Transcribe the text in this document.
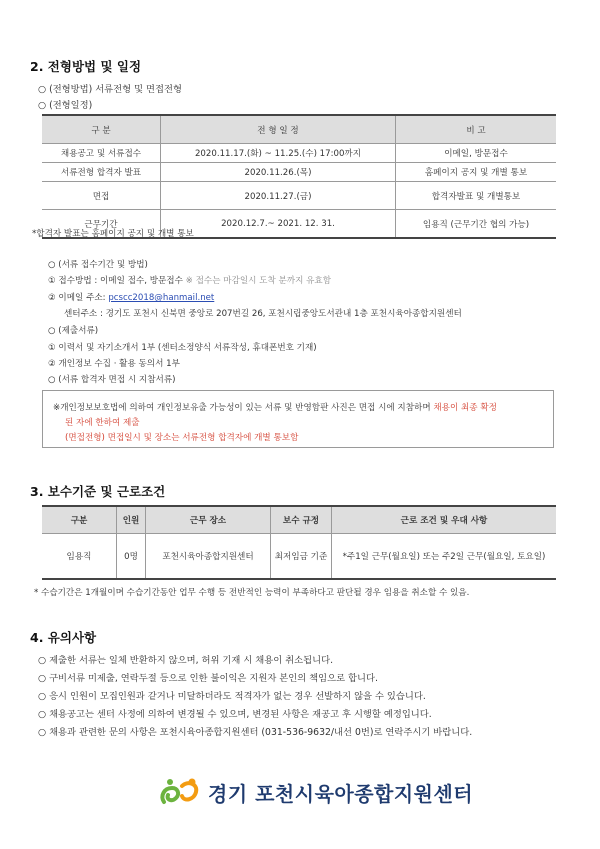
2. 전형방법 및 일정
○ (전형방법) 서류전형 및 면접전형
○ (전형일정)
구 분	전 형 일 정	비 고
채용공고 및 서류접수	2020.11.17.(화) ~ 11.25.(수) 17:00까지	이메일, 방문접수
서류전형 합격자 발표	2020.11.26.(목)	홈페이지 공지 및 개별 통보
면접	2020.11.27.(금)	합격자발표 및 개별통보
근무기간	2020.12.7.~ 2021. 12. 31.	임용직 (근무기간 협의 가능)
*합격자 발표는 홈페이지 공지 및 개별 통보
○ (서류 접수기간 및 방법)
① 접수방법 : 이메일 접수, 방문접수 ※ 접수는 마감일시 도착 분까지 유효함
② 이메일 주소: pcscc2018@hanmail.net
센터주소 : 경기도 포천시 신북면 중앙로 207번길 26, 포천시립중앙도서관내 1층 포천시육아종합지원센터
○ (제출서류)
① 이력서 및 자기소개서 1부 (센터소정양식 서류작성, 휴대폰번호 기재)
② 개인정보 수집 · 활용 동의서 1부
○ (서류 합격자 면접 시 지참서류)
※개인정보보호법에 의하여 개인정보유출 가능성이 있는 서류 및 반영함판 사진은 면접 시에 지참하며 채용이 최종 확정
된 자에 한하여 제출
(면접전형) 면접일시 및 장소는 서류전형 합격자에 개별 통보함
3. 보수기준 및 근로조건
구분	인원	근무 장소	보수 규정	근로 조건 및 우대 사항
임용직	0명	포천시육아종합지원센터	최저임금 기준	*주1일 근무(월요일) 또는 주2일 근무(월요일, 토요일)
* 수습기간은 1개월이며 수습기간동안 업무 수행 등 전반적인 능력이 부족하다고 판단될 경우 임용을 취소할 수 있음.
4. 유의사항
○ 제출한 서류는 일체 반환하지 않으며, 허위 기재 시 채용이 취소됩니다.
○ 구비서류 미제출, 연락두절 등으로 인한 불이익은 지원자 본인의 책임으로 합니다.
○ 응시 인원이 모집인원과 같거나 미달하더라도 적격자가 없는 경우 선발하지 않을 수 있습니다.
○ 채용공고는 센터 사정에 의하여 변경될 수 있으며, 변경된 사항은 재공고 후 시행할 예정입니다.
○ 채용과 관련한 문의 사항은 포천시육아종합지원센터 (031-536-9632/내선 0번)로 연락주시기 바랍니다.
경기 포천시육아종합지원센터
